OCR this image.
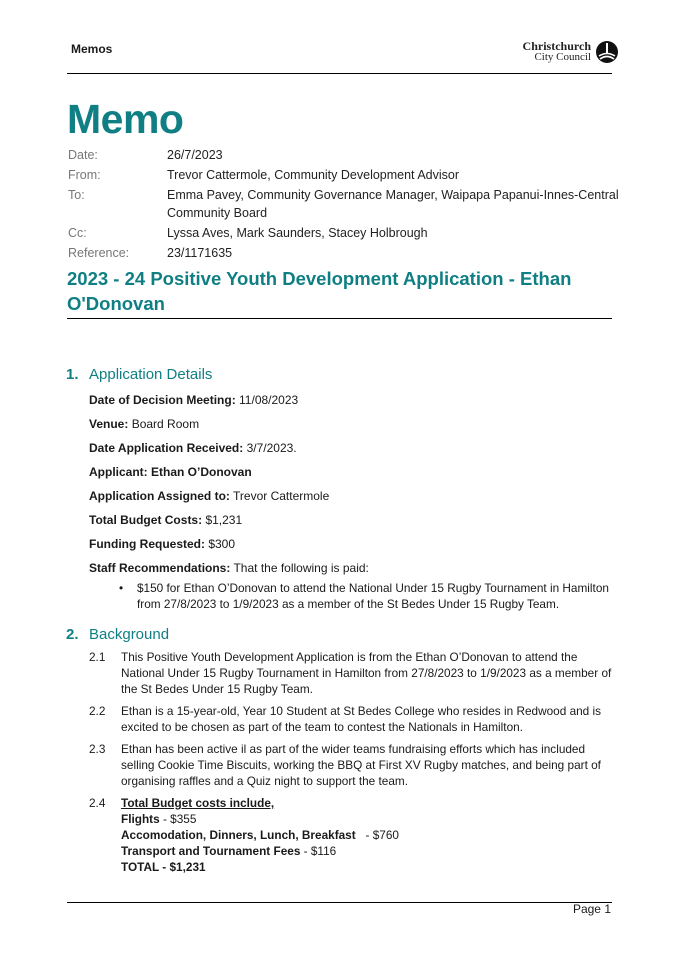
Memos	Christchurch
City Council
Memo
Date:	26/7/2023
From:	Trevor Cattermole, Community Development Advisor
To:	Emma Pavey, Community Governance Manager, Waipapa Papanui-Innes-Central Community Board
Cc:	Lyssa Aves, Mark Saunders, Stacey Holbrough
Reference:	23/1171635
2023 - 24 Positive Youth Development Application - Ethan O'Donovan
1. Application Details
Date of Decision Meeting: 11/08/2023
Venue: Board Room
Date Application Received: 3/7/2023.
Applicant: Ethan O’Donovan
Application Assigned to: Trevor Cattermole
Total Budget Costs: $1,231
Funding Requested: $300
Staff Recommendations: That the following is paid:
•	$150 for Ethan O’Donovan to attend the National Under 15 Rugby Tournament in Hamilton from 27/8/2023 to 1/9/2023 as a member of the St Bedes Under 15 Rugby Team.
2. Background
2.1	This Positive Youth Development Application is from the Ethan O’Donovan to attend the National Under 15 Rugby Tournament in Hamilton from 27/8/2023 to 1/9/2023 as a member of the St Bedes Under 15 Rugby Team.
2.2	Ethan is a 15-year-old, Year 10 Student at St Bedes College who resides in Redwood and is excited to be chosen as part of the team to contest the Nationals in Hamilton.
2.3	Ethan has been active il as part of the wider teams fundraising efforts which has included selling Cookie Time Biscuits, working the BBQ at First XV Rugby matches, and being part of organising raffles and a Quiz night to support the team.
2.4	Total Budget costs include,
Flights - $355
Accomodation, Dinners, Lunch, Breakfast   - $760
Transport and Tournament Fees - $116
TOTAL - $1,231
Page 1
